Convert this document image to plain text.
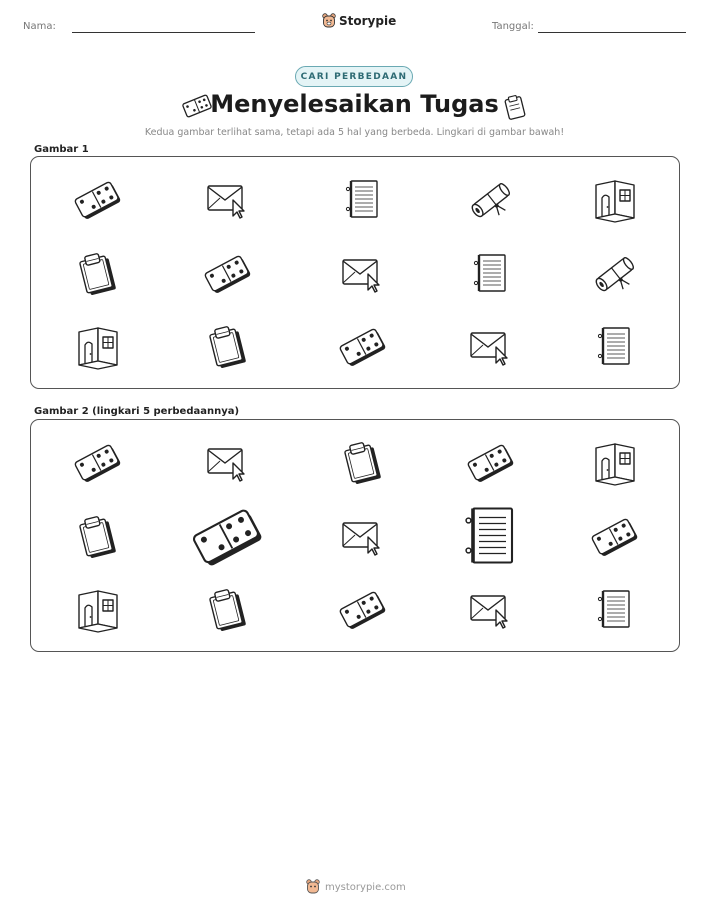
Nama:	Storypie	Tanggal:
CARI PERBEDAAN
Menyelesaikan Tugas
Kedua gambar terlihat sama, tetapi ada 5 hal yang berbeda. Lingkari di gambar bawah!
Gambar 1
Gambar 2 (lingkari 5 perbedaannya)
mystorypie.com
